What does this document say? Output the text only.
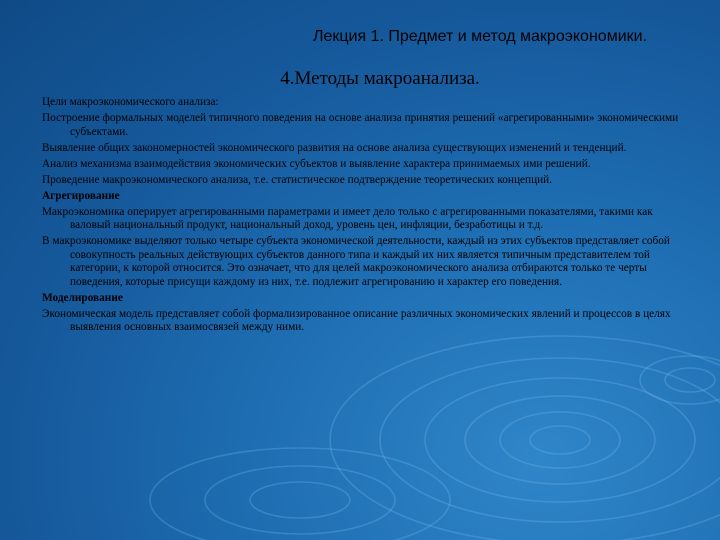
Лекция 1. Предмет и метод макроэкономики.
4.Методы макроанализа.
Цели макроэкономического анализа:
Построение формальных моделей типичного поведения на основе анализа принятия решений «агрегированными» экономическими субъектами.
Выявление общих закономерностей экономического развития на основе анализа существующих изменений и тенденций.
Анализ механизма взаимодействия экономических субъектов и выявление характера принимаемых ими решений.
Проведение макроэкономического анализа, т.е. статистическое подтверждение теоретических концепций.
Агрегирование
Макроэкономика оперирует агрегированными параметрами и имеет дело только с агрегированными показателями, такими как валовый национальный продукт, национальный доход, уровень цен, инфляции, безработицы и т.д.
В макроэкономике выделяют только четыре субъекта экономической деятельности, каждый из этих субъектов представляет собой совокупность реальных действующих субъектов данного типа и каждый их них является типичным представителем той категории, к которой относится. Это означает, что для целей макроэкономического анализа отбираются только те черты поведения, которые присущи каждому из них, т.е. подлежит агрегированию и характер его поведения.
Моделирование
Экономическая модель представляет собой формализированное описание различных экономических явлений и процессов в целях выявления основных взаимосвязей между ними.
